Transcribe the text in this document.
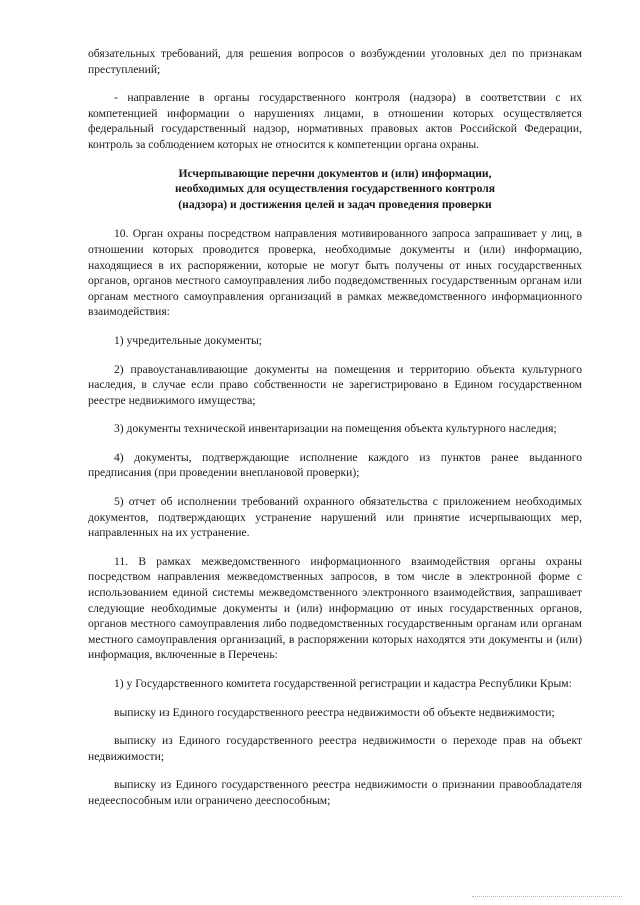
обязательных требований, для решения вопросов о возбуждении уголовных дел по признакам преступлений;

- направление в органы государственного контроля (надзора) в соответствии с их компетенцией информации о нарушениях лицами, в отношении которых осуществляется федеральный государственный надзор, нормативных правовых актов Российской Федерации, контроль за соблюдением которых не относится к компетенции органа охраны.

Исчерпывающие перечни документов и (или) информации,
необходимых для осуществления государственного контроля
(надзора) и достижения целей и задач проведения проверки

10. Орган охраны посредством направления мотивированного запроса запрашивает у лиц, в отношении которых проводится проверка, необходимые документы и (или) информацию, находящиеся в их распоряжении, которые не могут быть получены от иных государственных органов, органов местного самоуправления либо подведомственных государственным органам или органам местного самоуправления организаций в рамках межведомственного информационного взаимодействия:

1) учредительные документы;

2) правоустанавливающие документы на помещения и территорию объекта культурного наследия, в случае если право собственности не зарегистрировано в Едином государственном реестре недвижимого имущества;

3) документы технической инвентаризации на помещения объекта культурного наследия;

4) документы, подтверждающие исполнение каждого из пунктов ранее выданного предписания (при проведении внеплановой проверки);

5) отчет об исполнении требований охранного обязательства с приложением необходимых документов, подтверждающих устранение нарушений или принятие исчерпывающих мер, направленных на их устранение.

11. В рамках межведомственного информационного взаимодействия органы охраны посредством направления межведомственных запросов, в том числе в электронной форме с использованием единой системы межведомственного электронного взаимодействия, запрашивает следующие необходимые документы и (или) информацию от иных государственных органов, органов местного самоуправления либо подведомственных государственным органам или органам местного самоуправления организаций, в распоряжении которых находятся эти документы и (или) информация, включенные в Перечень:

1) у Государственного комитета государственной регистрации и кадастра Республики Крым:

выписку из Единого государственного реестра недвижимости об объекте недвижимости;

выписку из Единого государственного реестра недвижимости о переходе прав на объект недвижимости;

выписку из Единого государственного реестра недвижимости о признании правообладателя недееспособным или ограничено дееспособным;
